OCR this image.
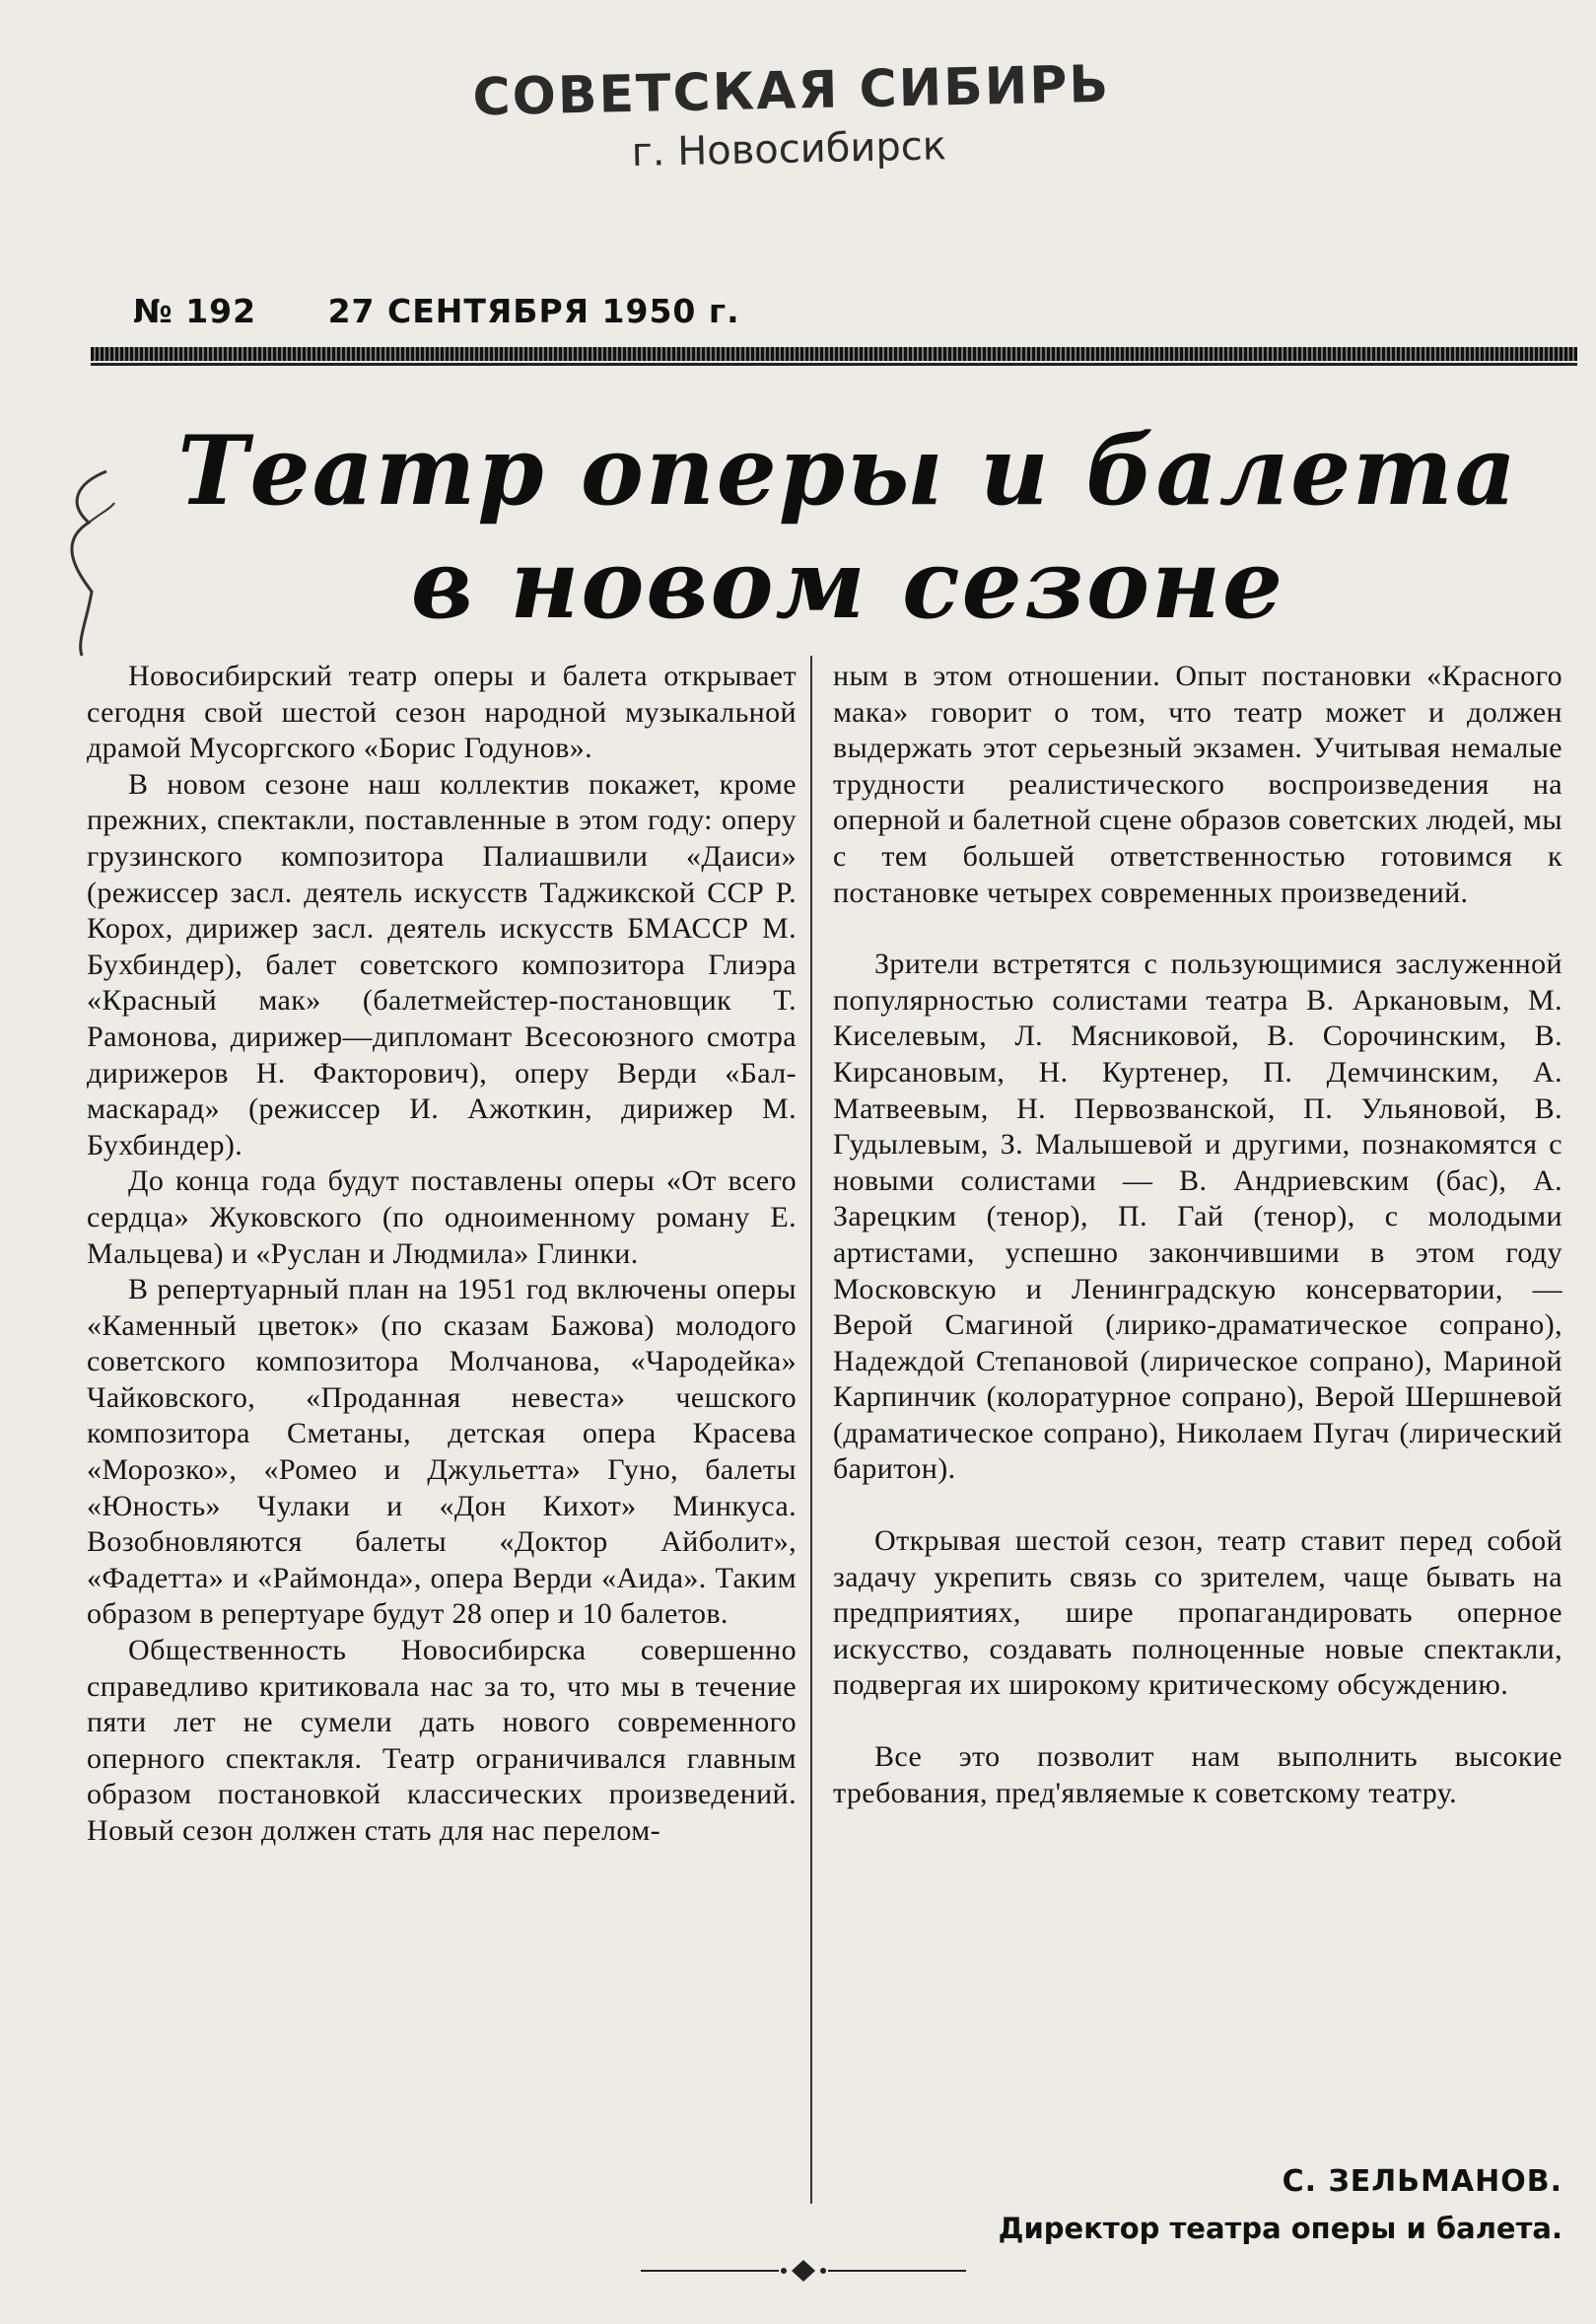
СОВЕТСКАЯ СИБИРЬ
г. Новосибирск
№ 192 27 СЕНТЯБРЯ 1950 г.
Театр оперы и балета
в новом сезоне

Новосибирский театр оперы и балета открывает сегодня свой шестой сезон народной музыкальной драмой Мусоргского «Борис Годунов».

В новом сезоне наш коллектив покажет, кроме прежних, спектакли, поставленные в этом году: оперу грузинского композитора Палиашвили «Даиси» (режиссер засл. деятель искусств Таджикской ССР Р. Корох, дирижер засл. деятель искусств БМАССР М. Бухбиндер), балет советского композитора Глиэра «Красный мак» (балетмейстер-постановщик Т. Рамонова, дирижер—дипломант Всесоюзного смотра дирижеров Н. Факторович), оперу Верди «Бал-маскарад» (режиссер И. Ажоткин, дирижер М. Бухбиндер).

До конца года будут поставлены оперы «От всего сердца» Жуковского (по одноименному роману Е. Мальцева) и «Руслан и Людмила» Глинки.

В репертуарный план на 1951 год включены оперы «Каменный цветок» (по сказам Бажова) молодого советского композитора Молчанова, «Чародейка» Чайковского, «Проданная невеста» чешского композитора Сметаны, детская опера Красева «Морозко», «Ромео и Джульетта» Гуно, балеты «Юность» Чулаки и «Дон Кихот» Минкуса. Возобновляются балеты «Доктор Айболит», «Фадетта» и «Раймонда», опера Верди «Аида». Таким образом в репертуаре будут 28 опер и 10 балетов.

Общественность Новосибирска совершенно справедливо критиковала нас за то, что мы в течение пяти лет не сумели дать нового современного оперного спектакля. Театр ограничивался главным образом постановкой классических произведений. Новый сезон должен стать для нас перелом-

ным в этом отношении. Опыт постановки «Красного мака» говорит о том, что театр может и должен выдержать этот серьезный экзамен. Учитывая немалые трудности реалистического воспроизведения на оперной и балетной сцене образов советских людей, мы с тем большей ответственностью готовимся к постановке четырех современных произведений.

Зрители встретятся с пользующимися заслуженной популярностью солистами театра В. Аркановым, М. Киселевым, Л. Мясниковой, В. Сорочинским, В. Кирсановым, Н. Куртенер, П. Демчинским, А. Матвеевым, Н. Первозванской, П. Ульяновой, В. Гудылевым, З. Малышевой и другими, познакомятся с новыми солистами — В. Андриевским (бас), А. Зарецким (тенор), П. Гай (тенор), с молодыми артистами, успешно закончившими в этом году Московскую и Ленинградскую консерватории, — Верой Смагиной (лирико-драматическое сопрано), Надеждой Степановой (лирическое сопрано), Мариной Карпинчик (колоратурное сопрано), Верой Шершневой (драматическое сопрано), Николаем Пугач (лирический баритон).

Открывая шестой сезон, театр ставит перед собой задачу укрепить связь со зрителем, чаще бывать на предприятиях, шире пропагандировать оперное искусство, создавать полноценные новые спектакли, подвергая их широкому критическому обсуждению.

Все это позволит нам выполнить высокие требования, пред'являемые к советскому театру.

С. ЗЕЛЬМАНОВ.
Директор театра оперы и балета.
